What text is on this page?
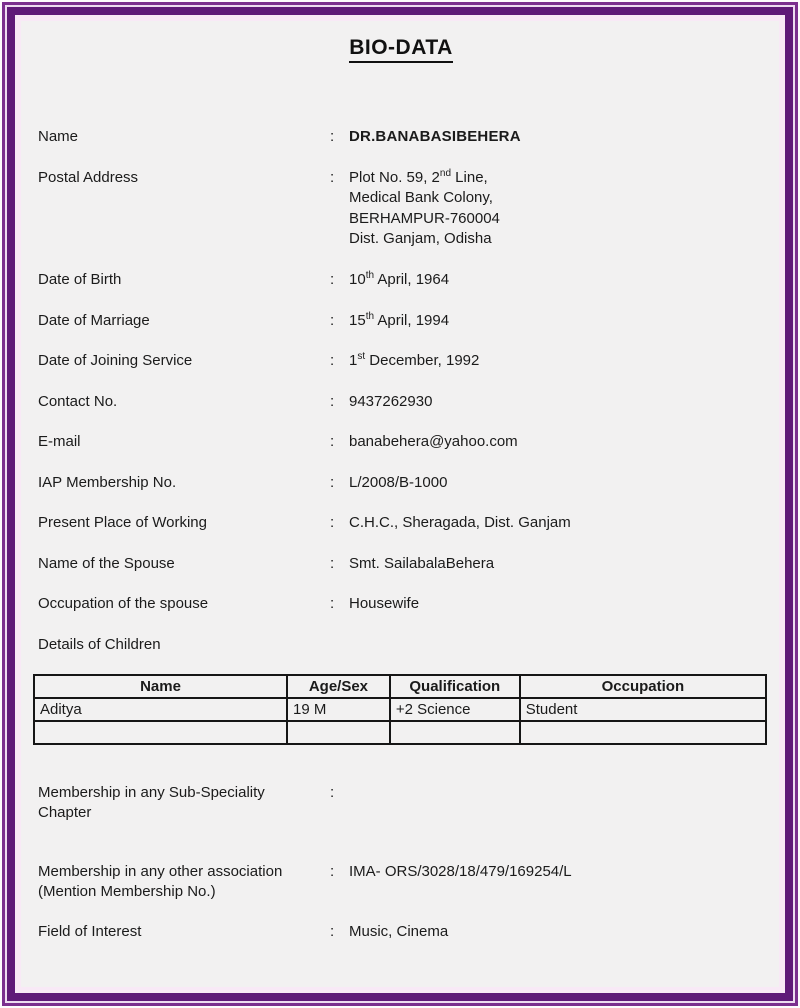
BIO-DATA
Name	: DR.BANABASIBEHERA
Postal Address	: Plot No. 59, 2nd Line,
Medical Bank Colony,
BERHAMPUR-760004
Dist. Ganjam, Odisha
Date of Birth	: 10th April, 1964
Date of Marriage	: 15th April, 1994
Date of Joining Service	: 1st December, 1992
Contact No.	: 9437262930
E-mail	: banabehera@yahoo.com
IAP Membership No.	: L/2008/B-1000
Present Place of Working	: C.H.C., Sheragada, Dist. Ganjam
Name of the Spouse	: Smt. SailabalaBehera
Occupation of the spouse	: Housewife
Details of Children
Name	Age/Sex	Qualification	Occupation
Aditya	19 M	+2 Science	Student

Membership in any Sub-Speciality
Chapter
:
Membership in any other association
(Mention Membership No.)
: IMA- ORS/3028/18/479/169254/L
Field of Interest	: Music, Cinema
